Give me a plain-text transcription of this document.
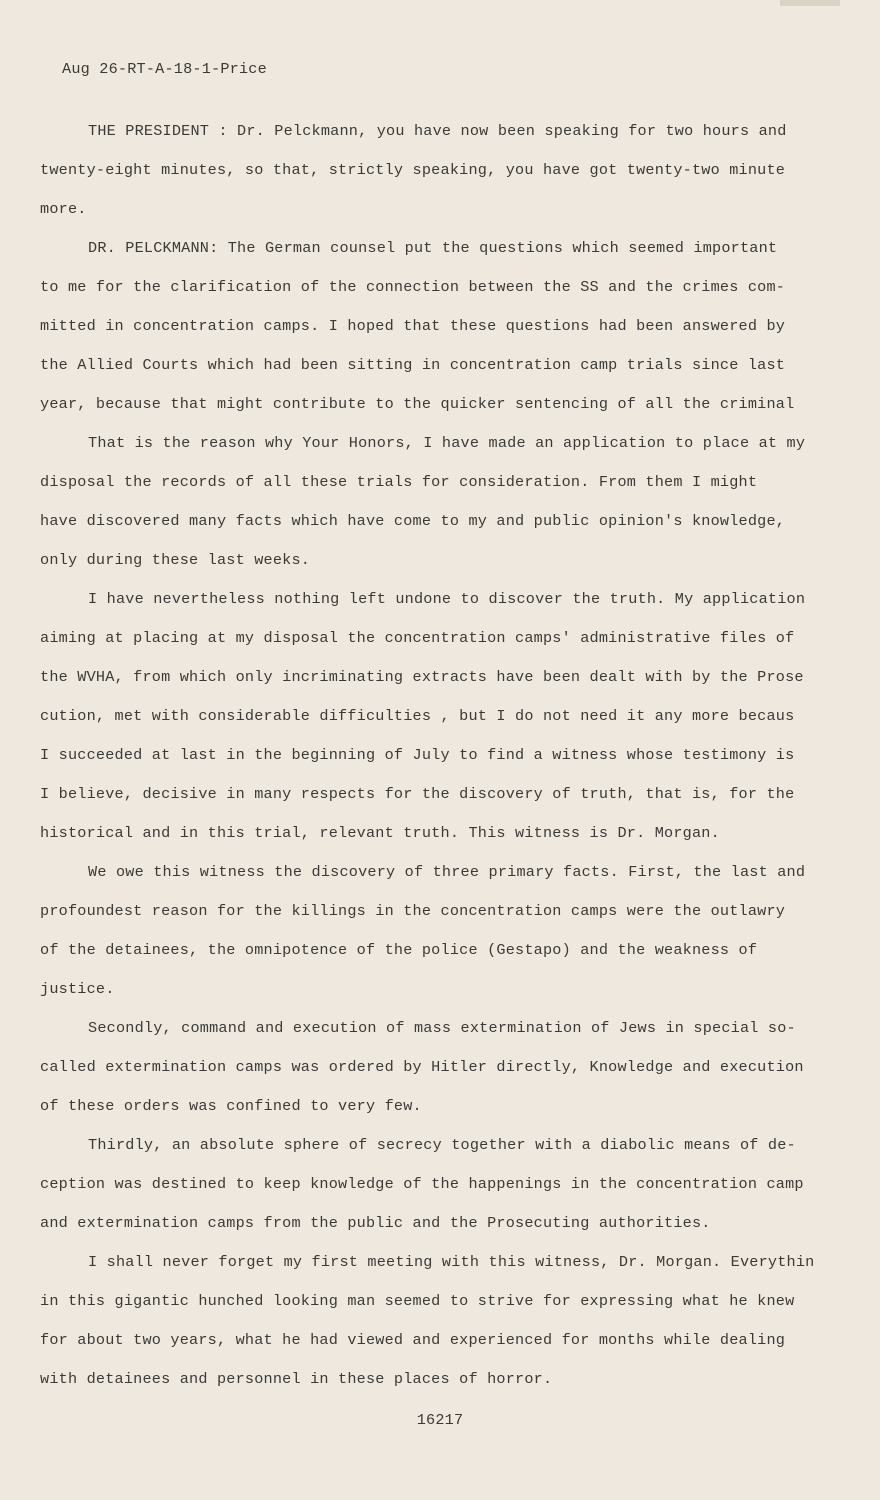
Aug 26-RT-A-18-1-Price
THE PRESIDENT : Dr. Pelckmann, you have now been speaking for two hours and
twenty-eight minutes, so that, strictly speaking, you have got twenty-two minute
more.
DR. PELCKMANN: The German counsel put the questions which seemed important
to me for the clarification of the connection between the SS and the crimes com-
mitted in concentration camps. I hoped that these questions had been answered by
the Allied Courts which had been sitting in concentration camp trials since last
year, because that might contribute to the quicker sentencing of all the criminal
That is the reason why Your Honors, I have made an application to place at my
disposal the records of all these trials for consideration. From them I might
have discovered many facts which have come to my and public opinion's knowledge,
only during these last weeks.
I have nevertheless nothing left undone to discover the truth. My application
aiming at placing at my disposal the concentration camps' administrative files of
the WVHA, from which only incriminating extracts have been dealt with by the Prose
cution, met with considerable difficulties , but I do not need it any more becaus
I succeeded at last in the beginning of July to find a witness whose testimony is
I believe, decisive in many respects for the discovery of truth, that is, for the
historical and in this trial, relevant truth. This witness is Dr. Morgan.
We owe this witness the discovery of three primary facts. First, the last and
profoundest reason for the killings in the concentration camps were the outlawry
of the detainees, the omnipotence of the police (Gestapo) and the weakness of
justice.
Secondly, command and execution of mass extermination of Jews in special so-
called extermination camps was ordered by Hitler directly, Knowledge and execution
of these orders was confined to very few.
Thirdly, an absolute sphere of secrecy together with a diabolic means of de-
ception was destined to keep knowledge of the happenings in the concentration camp
and extermination camps from the public and the Prosecuting authorities.
I shall never forget my first meeting with this witness, Dr. Morgan. Everythin
in this gigantic hunched looking man seemed to strive for expressing what he knew
for about two years, what he had viewed and experienced for months while dealing
with detainees and personnel in these places of horror.
16217
